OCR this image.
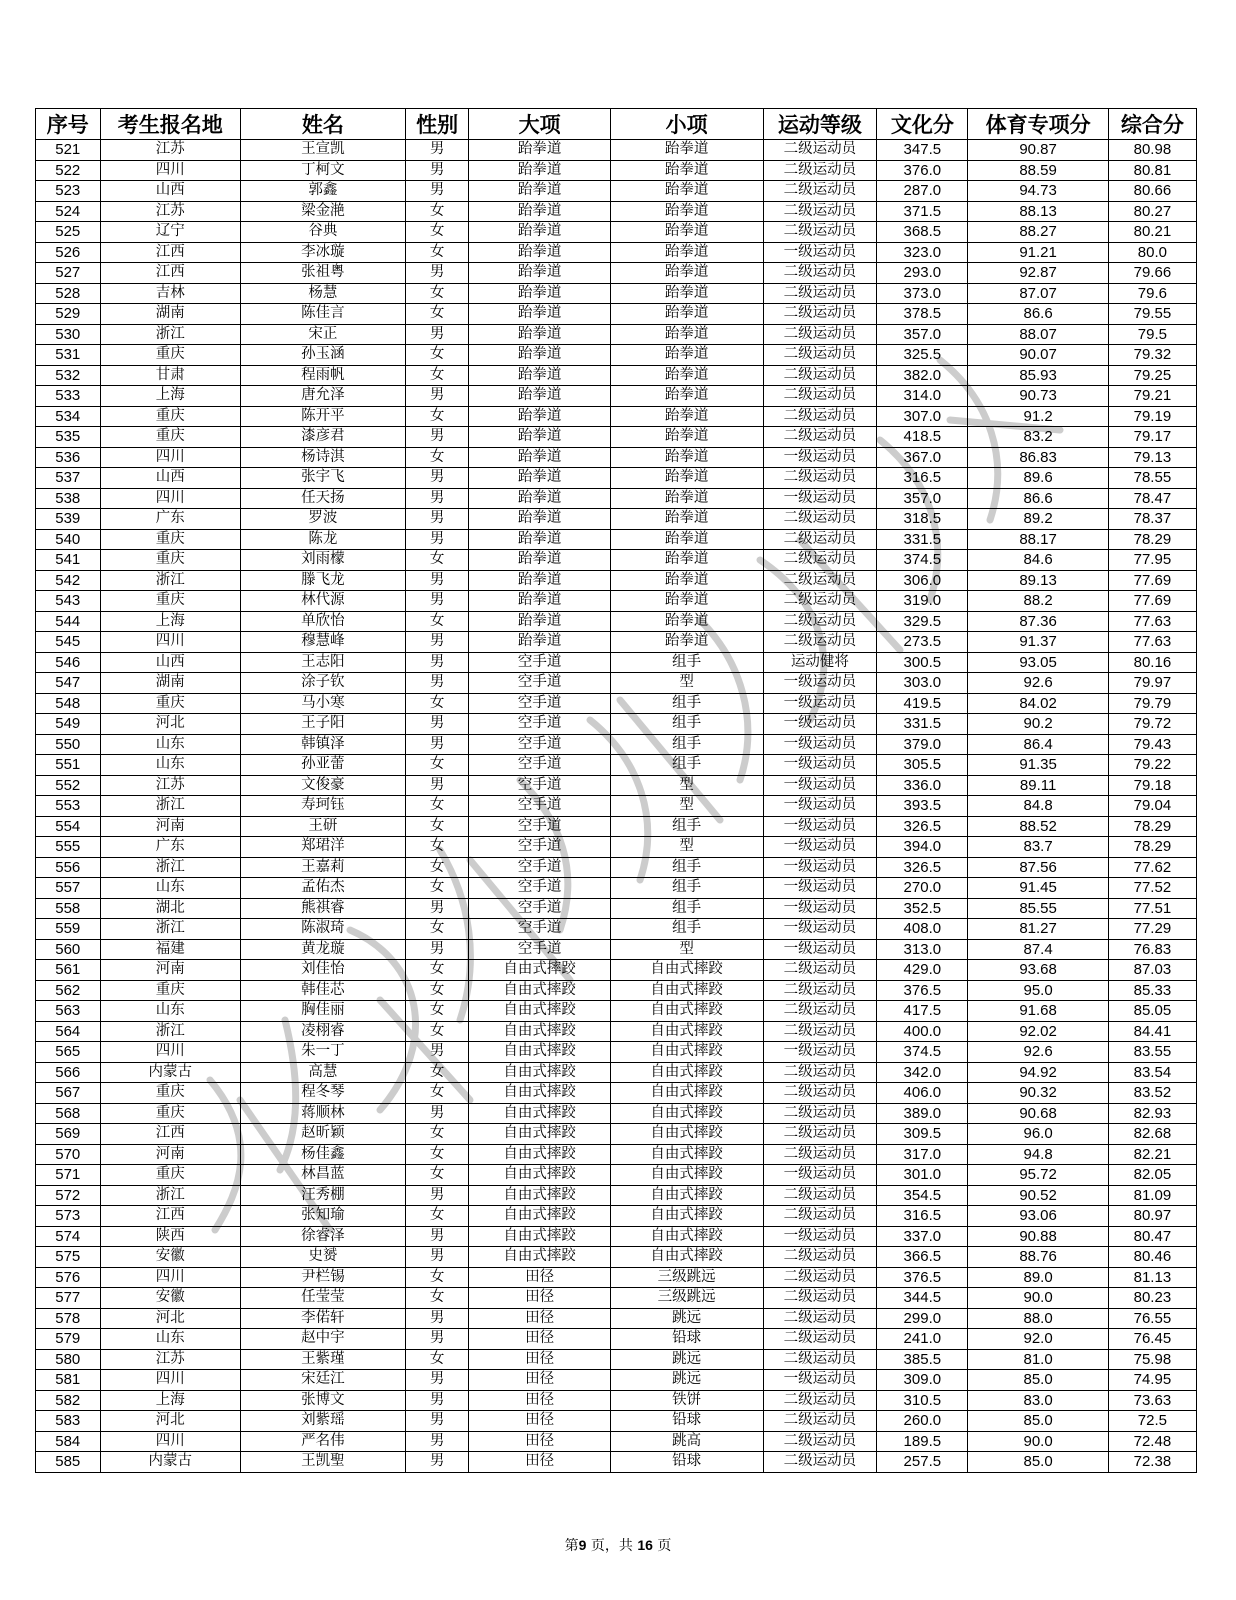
序号	考生报名地	姓名	性别	大项	小项	运动等级	文化分	体育专项分	综合分
521	江苏	王宣凯	男	跆拳道	跆拳道	二级运动员	347.5	90.87	80.98
522	四川	丁柯文	男	跆拳道	跆拳道	二级运动员	376.0	88.59	80.81
523	山西	郭鑫	男	跆拳道	跆拳道	二级运动员	287.0	94.73	80.66
524	江苏	梁金滟	女	跆拳道	跆拳道	二级运动员	371.5	88.13	80.27
525	辽宁	谷典	女	跆拳道	跆拳道	二级运动员	368.5	88.27	80.21
526	江西	李冰璇	女	跆拳道	跆拳道	一级运动员	323.0	91.21	80.0
527	江西	张祖粤	男	跆拳道	跆拳道	二级运动员	293.0	92.87	79.66
528	吉林	杨慧	女	跆拳道	跆拳道	二级运动员	373.0	87.07	79.6
529	湖南	陈佳言	女	跆拳道	跆拳道	二级运动员	378.5	86.6	79.55
530	浙江	宋正	男	跆拳道	跆拳道	二级运动员	357.0	88.07	79.5
531	重庆	孙玉涵	女	跆拳道	跆拳道	二级运动员	325.5	90.07	79.32
532	甘肃	程雨帆	女	跆拳道	跆拳道	二级运动员	382.0	85.93	79.25
533	上海	唐允泽	男	跆拳道	跆拳道	二级运动员	314.0	90.73	79.21
534	重庆	陈开平	女	跆拳道	跆拳道	二级运动员	307.0	91.2	79.19
535	重庆	漆彦君	男	跆拳道	跆拳道	二级运动员	418.5	83.2	79.17
536	四川	杨诗淇	女	跆拳道	跆拳道	一级运动员	367.0	86.83	79.13
537	山西	张宇飞	男	跆拳道	跆拳道	二级运动员	316.5	89.6	78.55
538	四川	任天扬	男	跆拳道	跆拳道	一级运动员	357.0	86.6	78.47
539	广东	罗波	男	跆拳道	跆拳道	二级运动员	318.5	89.2	78.37
540	重庆	陈龙	男	跆拳道	跆拳道	二级运动员	331.5	88.17	78.29
541	重庆	刘雨檬	女	跆拳道	跆拳道	二级运动员	374.5	84.6	77.95
542	浙江	滕飞龙	男	跆拳道	跆拳道	二级运动员	306.0	89.13	77.69
543	重庆	林代源	男	跆拳道	跆拳道	二级运动员	319.0	88.2	77.69
544	上海	单欣怡	女	跆拳道	跆拳道	二级运动员	329.5	87.36	77.63
545	四川	穆慧峰	男	跆拳道	跆拳道	二级运动员	273.5	91.37	77.63
546	山西	王志阳	男	空手道	组手	运动健将	300.5	93.05	80.16
547	湖南	涂子钦	男	空手道	型	一级运动员	303.0	92.6	79.97
548	重庆	马小寒	女	空手道	组手	一级运动员	419.5	84.02	79.79
549	河北	王子阳	男	空手道	组手	一级运动员	331.5	90.2	79.72
550	山东	韩镇泽	男	空手道	组手	一级运动员	379.0	86.4	79.43
551	山东	孙亚蕾	女	空手道	组手	一级运动员	305.5	91.35	79.22
552	江苏	文俊豪	男	空手道	型	一级运动员	336.0	89.11	79.18
553	浙江	寿珂钰	女	空手道	型	一级运动员	393.5	84.8	79.04
554	河南	王研	女	空手道	组手	一级运动员	326.5	88.52	78.29
555	广东	郑珺洋	女	空手道	型	一级运动员	394.0	83.7	78.29
556	浙江	王嘉莉	女	空手道	组手	一级运动员	326.5	87.56	77.62
557	山东	孟佑杰	女	空手道	组手	一级运动员	270.0	91.45	77.52
558	湖北	熊祺睿	男	空手道	组手	一级运动员	352.5	85.55	77.51
559	浙江	陈淑琦	女	空手道	组手	一级运动员	408.0	81.27	77.29
560	福建	黄龙璇	男	空手道	型	一级运动员	313.0	87.4	76.83
561	河南	刘佳怡	女	自由式摔跤	自由式摔跤	二级运动员	429.0	93.68	87.03
562	重庆	韩佳芯	女	自由式摔跤	自由式摔跤	二级运动员	376.5	95.0	85.33
563	山东	胸佳丽	女	自由式摔跤	自由式摔跤	二级运动员	417.5	91.68	85.05
564	浙江	凌栩睿	女	自由式摔跤	自由式摔跤	二级运动员	400.0	92.02	84.41
565	四川	朱一丁	男	自由式摔跤	自由式摔跤	一级运动员	374.5	92.6	83.55
566	内蒙古	高慧	女	自由式摔跤	自由式摔跤	二级运动员	342.0	94.92	83.54
567	重庆	程冬琴	女	自由式摔跤	自由式摔跤	二级运动员	406.0	90.32	83.52
568	重庆	蒋顺林	男	自由式摔跤	自由式摔跤	二级运动员	389.0	90.68	82.93
569	江西	赵昕颖	女	自由式摔跤	自由式摔跤	二级运动员	309.5	96.0	82.68
570	河南	杨佳鑫	女	自由式摔跤	自由式摔跤	二级运动员	317.0	94.8	82.21
571	重庆	林昌蓝	女	自由式摔跤	自由式摔跤	一级运动员	301.0	95.72	82.05
572	浙江	汪秀棚	男	自由式摔跤	自由式摔跤	二级运动员	354.5	90.52	81.09
573	江西	张知瑜	女	自由式摔跤	自由式摔跤	二级运动员	316.5	93.06	80.97
574	陕西	徐睿泽	男	自由式摔跤	自由式摔跤	一级运动员	337.0	90.88	80.47
575	安徽	史赟	男	自由式摔跤	自由式摔跤	二级运动员	366.5	88.76	80.46
576	四川	尹栏锡	女	田径	三级跳远	二级运动员	376.5	89.0	81.13
577	安徽	任莹莹	女	田径	三级跳远	二级运动员	344.5	90.0	80.23
578	河北	李偌轩	男	田径	跳远	二级运动员	299.0	88.0	76.55
579	山东	赵中宇	男	田径	铅球	二级运动员	241.0	92.0	76.45
580	江苏	王紫瑾	女	田径	跳远	二级运动员	385.5	81.0	75.98
581	四川	宋廷江	男	田径	跳远	一级运动员	309.0	85.0	74.95
582	上海	张博文	男	田径	铁饼	二级运动员	310.5	83.0	73.63
583	河北	刘紫瑶	男	田径	铅球	二级运动员	260.0	85.0	72.5
584	四川	严名伟	男	田径	跳高	二级运动员	189.5	90.0	72.48
585	内蒙古	王凯聖	男	田径	铅球	二级运动员	257.5	85.0	72.38
第9 页，共 16 页
